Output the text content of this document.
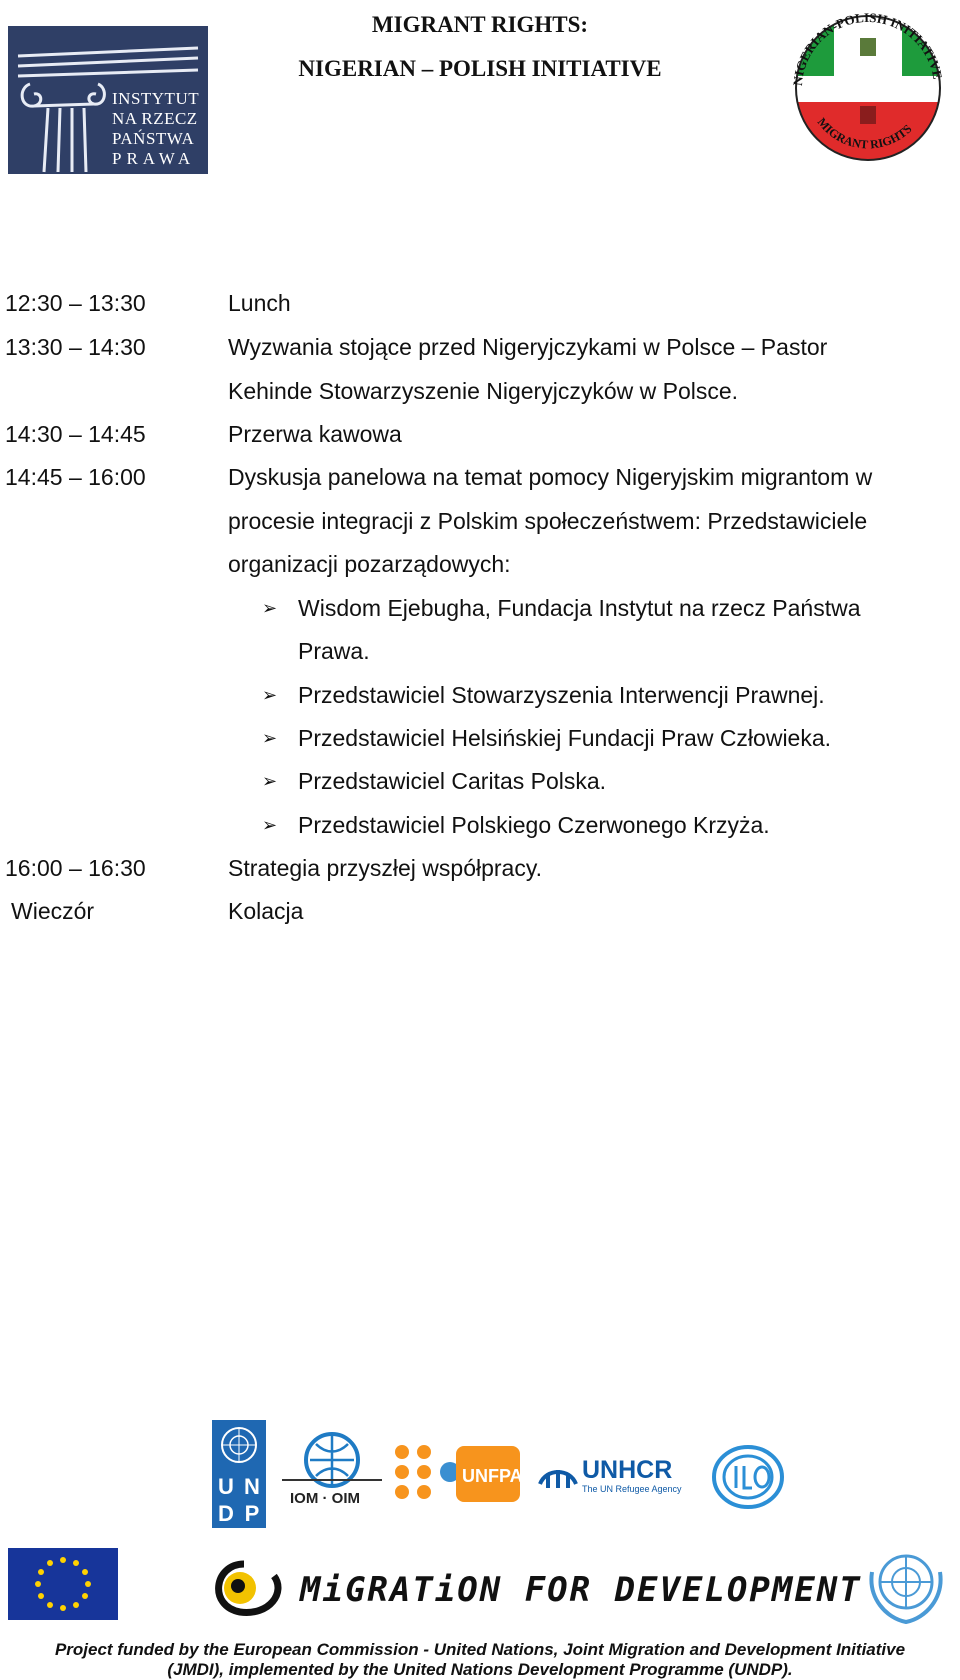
INSTYTUT
NA RZECZ
PAŃSTWA
PRAWA
MIGRANT RIGHTS:
NIGERIAN – POLISH INITIATIVE	NIGERIAN-POLISH INITIATIVE
MIGRANT RIGHTS
12:30 – 13:30	Lunch
13:30 – 14:30	Wyzwania stojące przed Nigeryjczykami w Polsce – Pastor
Kehinde Stowarzyszenie Nigeryjczyków w Polsce.
14:30 – 14:45	Przerwa kawowa
14:45 – 16:00	Dyskusja panelowa na temat pomocy Nigeryjskim migrantom w
procesie integracji z Polskim społeczeństwem: Przedstawiciele
organizacji pozarządowych:
➢ Wisdom Ejebugha, Fundacja Instytut na rzecz Państwa
Prawa.
➢ Przedstawiciel Stowarzyszenia Interwencji Prawnej.
➢ Przedstawiciel Helsińskiej Fundacji Praw Człowieka.
➢ Przedstawiciel Caritas Polska.
➢ Przedstawiciel Polskiego Czerwonego Krzyża.
16:00 – 16:30	Strategia przyszłej współpracy.
Wieczór	Kolacja
U N
D P
IOM · OIM
UNFPA UNHCR
The UN Refugee Agency
MiGRATiON FOR DEVELOPMENT
Project funded by the European Commission - United Nations, Joint Migration and Development Initiative
(JMDI), implemented by the United Nations Development Programme (UNDP).
